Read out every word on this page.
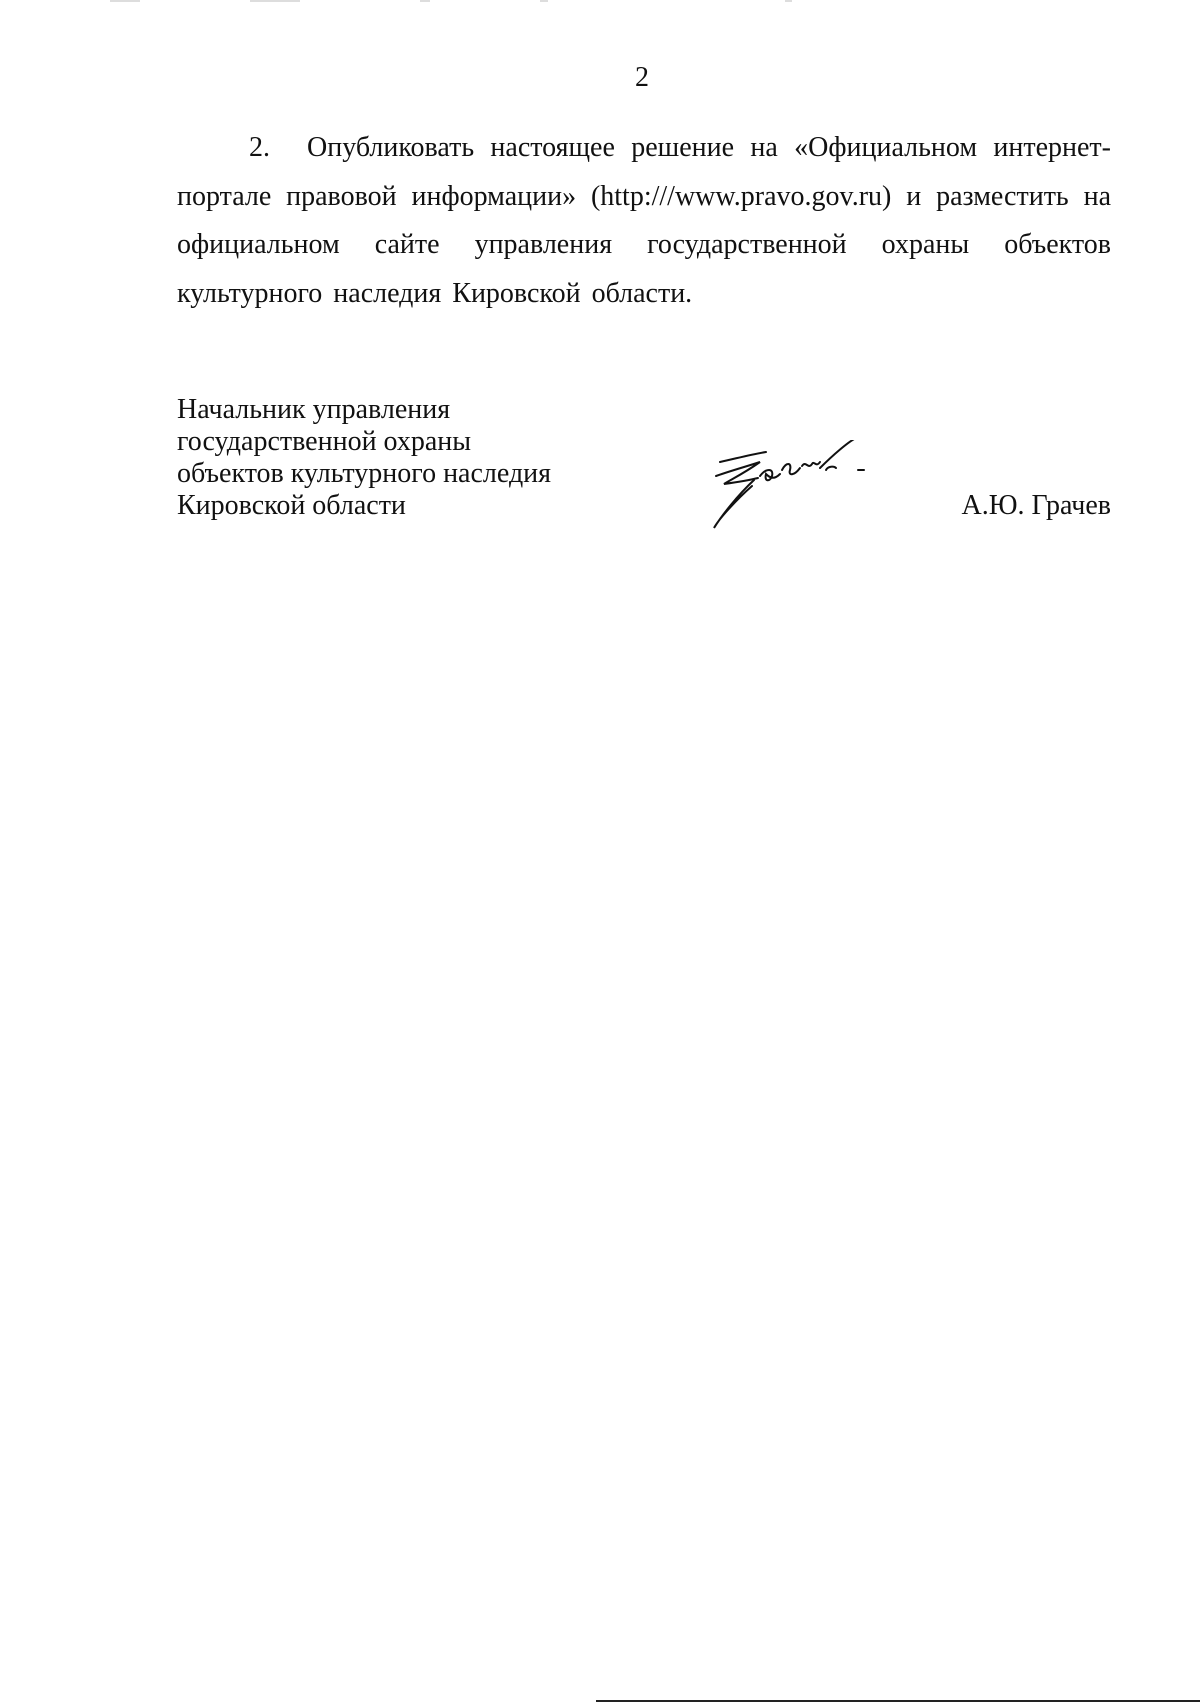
2

2. Опубликовать настоящее решение на «Официальном интернет-портале правовой информации» (http:///www.pravo.gov.ru) и разместить на официальном сайте управления государственной охраны объектов культурного наследия Кировской области.

Начальник управления
государственной охраны
объектов культурного наследия
Кировской области	А.Ю. Грачев
